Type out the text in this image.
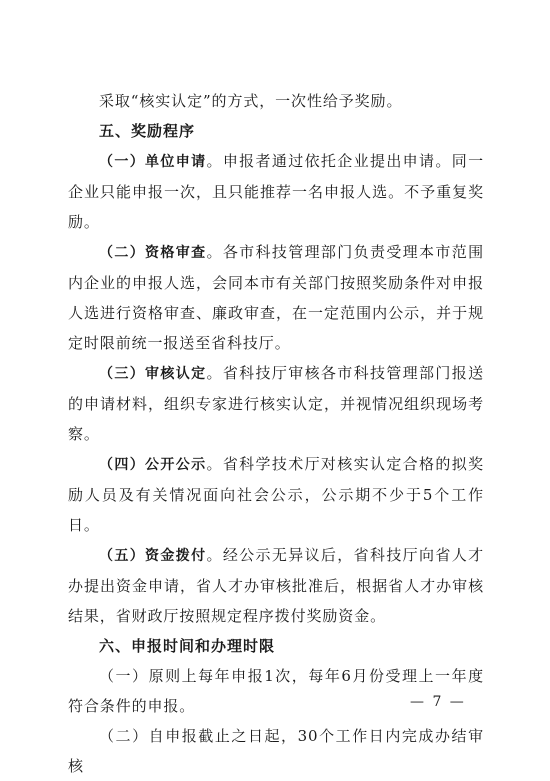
采取“核实认定”的方式，一次性给予奖励。

五、奖励程序

（一）单位申请。申报者通过依托企业提出申请。同一企业只能申报一次，且只能推荐一名申报人选。不予重复奖励。

（二）资格审查。各市科技管理部门负责受理本市范围内企业的申报人选，会同本市有关部门按照奖励条件对申报人选进行资格审查、廉政审查，在一定范围内公示，并于规定时限前统一报送至省科技厅。

（三）审核认定。省科技厅审核各市科技管理部门报送的申请材料，组织专家进行核实认定，并视情况组织现场考察。

（四）公开公示。省科学技术厅对核实认定合格的拟奖励人员及有关情况面向社会公示，公示期不少于5个工作日。

（五）资金拨付。经公示无异议后，省科技厅向省人才办提出资金申请，省人才办审核批准后，根据省人才办审核结果，省财政厅按照规定程序拨付奖励资金。

六、申报时间和办理时限

（一）原则上每年申报1次，每年6月份受理上一年度符合条件的申报。

（二）自申报截止之日起，30个工作日内完成办结审核

— 7 —
